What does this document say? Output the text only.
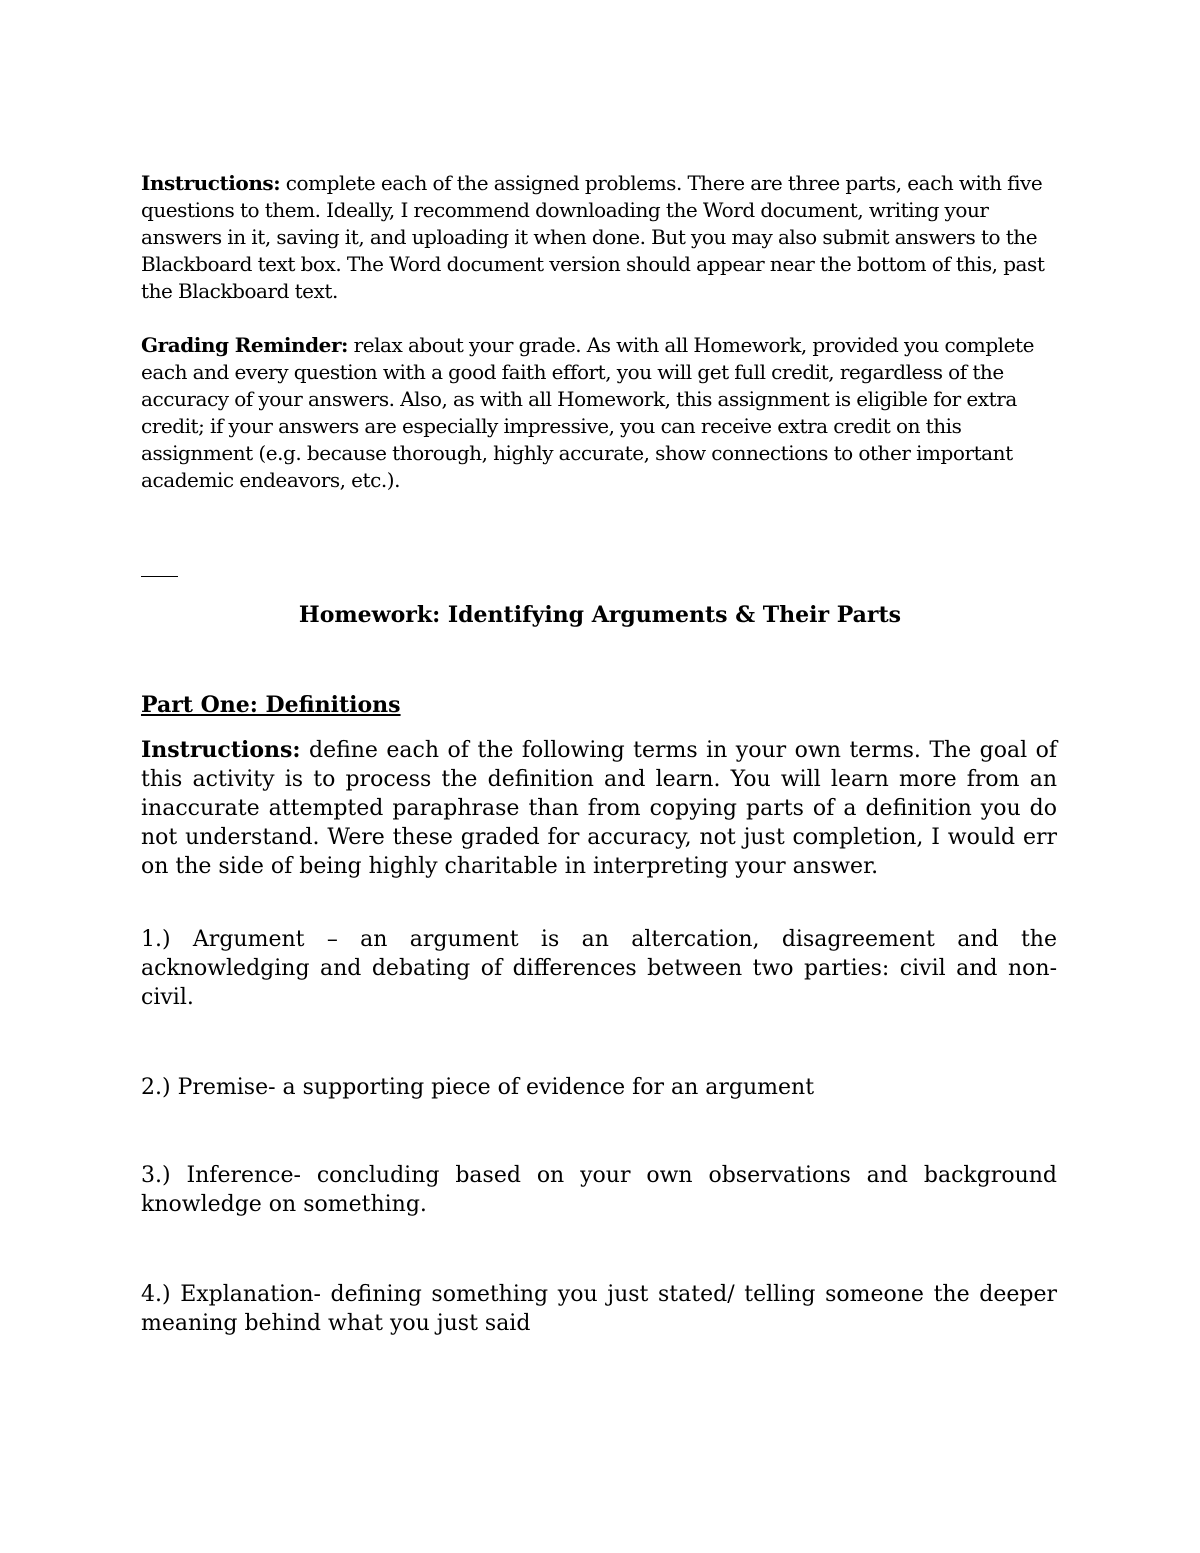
Instructions: complete each of the assigned problems. There are three parts, each with five questions to them. Ideally, I recommend downloading the Word document, writing your answers in it, saving it, and uploading it when done. But you may also submit answers to the Blackboard text box. The Word document version should appear near the bottom of this, past the Blackboard text.

Grading Reminder: relax about your grade. As with all Homework, provided you complete each and every question with a good faith effort, you will get full credit, regardless of the accuracy of your answers. Also, as with all Homework, this assignment is eligible for extra credit; if your answers are especially impressive, you can receive extra credit on this assignment (e.g. because thorough, highly accurate, show connections to other important academic endeavors, etc.).

Homework: Identifying Arguments & Their Parts
Part One: Definitions

Instructions: define each of the following terms in your own terms. The goal of this activity is to process the definition and learn. You will learn more from an inaccurate attempted paraphrase than from copying parts of a definition you do not understand. Were these graded for accuracy, not just completion, I would err on the side of being highly charitable in interpreting your answer.

1.) Argument – an argument is an altercation, disagreement and the acknowledging and debating of differences between two parties: civil and non-civil.

2.) Premise- a supporting piece of evidence for an argument

3.) Inference- concluding based on your own observations and background knowledge on something.

4.) Explanation- defining something you just stated/ telling someone the deeper meaning behind what you just said
